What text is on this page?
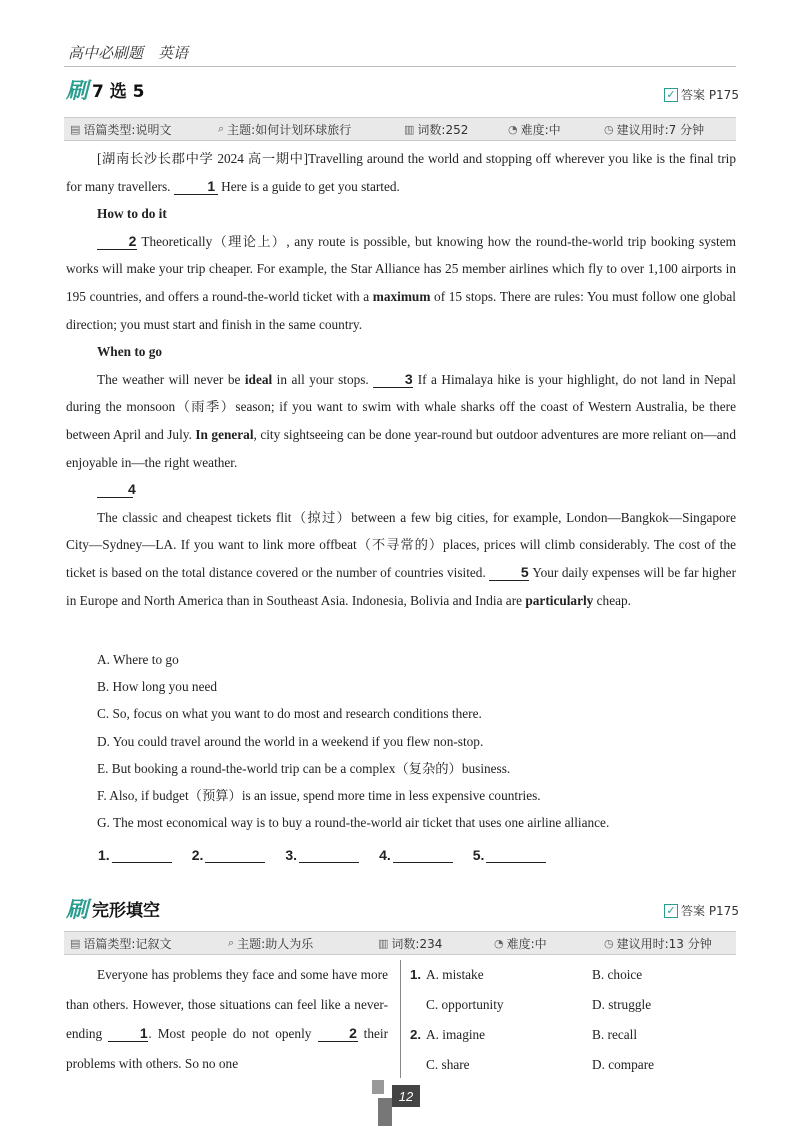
高中必刷题　英语
刷 7 选 5	✓ 答案 P175
▤ 语篇类型:说明文	⌕ 主题:如何计划环球旅行	▥ 词数:252	◔ 难度:中	◷ 建议用时:7 分钟

[湖南长沙长郡中学 2024 高一期中]Travelling around the world and stopping off wherever you like is the final trip for many travellers.	1 Here is a guide to get you started.

How to do it

2 Theoretically（理论上）, any route is possible, but knowing how the round-the-world trip booking system works will make your trip cheaper. For example, the Star Alliance has 25 member airlines which fly to over 1,100 airports in 195 countries, and offers a round-the-world ticket with a maximum of 15 stops. There are rules: You must follow one global direction; you must start and finish in the same country.

When to go

The weather will never be ideal in all your stops.	3 If a Himalaya hike is your highlight, do not land in Nepal during the monsoon（雨季）season; if you want to swim with whale sharks off the coast of Western Australia, be there between April and July. In general, city sightseeing can be done year-round but outdoor adventures are more reliant on—and enjoyable in—the right weather.

4

The classic and cheapest tickets flit（掠过）between a few big cities, for example, London—Bangkok—Singapore City—Sydney—LA. If you want to link more offbeat（不寻常的）places, prices will climb considerably. The cost of the ticket is based on the total distance covered or the number of countries visited.	5 Your daily expenses will be far higher in Europe and North America than in Southeast Asia. Indonesia, Bolivia and India are particularly cheap.

A. Where to go
B. How long you need
C. So, focus on what you want to do most and research conditions there.
D. You could travel around the world in a weekend if you flew non-stop.
E. But booking a round-the-world trip can be a complex（复杂的）business.
F. Also, if budget（预算）is an issue, spend more time in less expensive countries.
G. The most economical way is to buy a round-the-world air ticket that uses one airline alliance.
1.	2.	3.	4.	5.
刷 完形填空	✓ 答案 P175
▤ 语篇类型:记叙文	⌕ 主题:助人为乐	▥ 词数:234	◔ 难度:中	◷ 建议用时:13 分钟

Everyone has problems they face and some have more than others. However, those situations can feel like a never-ending	1. Most people do not openly	2 their problems with others. So no one

1. A. mistake	B. choice
C. opportunity	D. struggle
2. A. imagine	B. recall
C. share	D. compare
12
